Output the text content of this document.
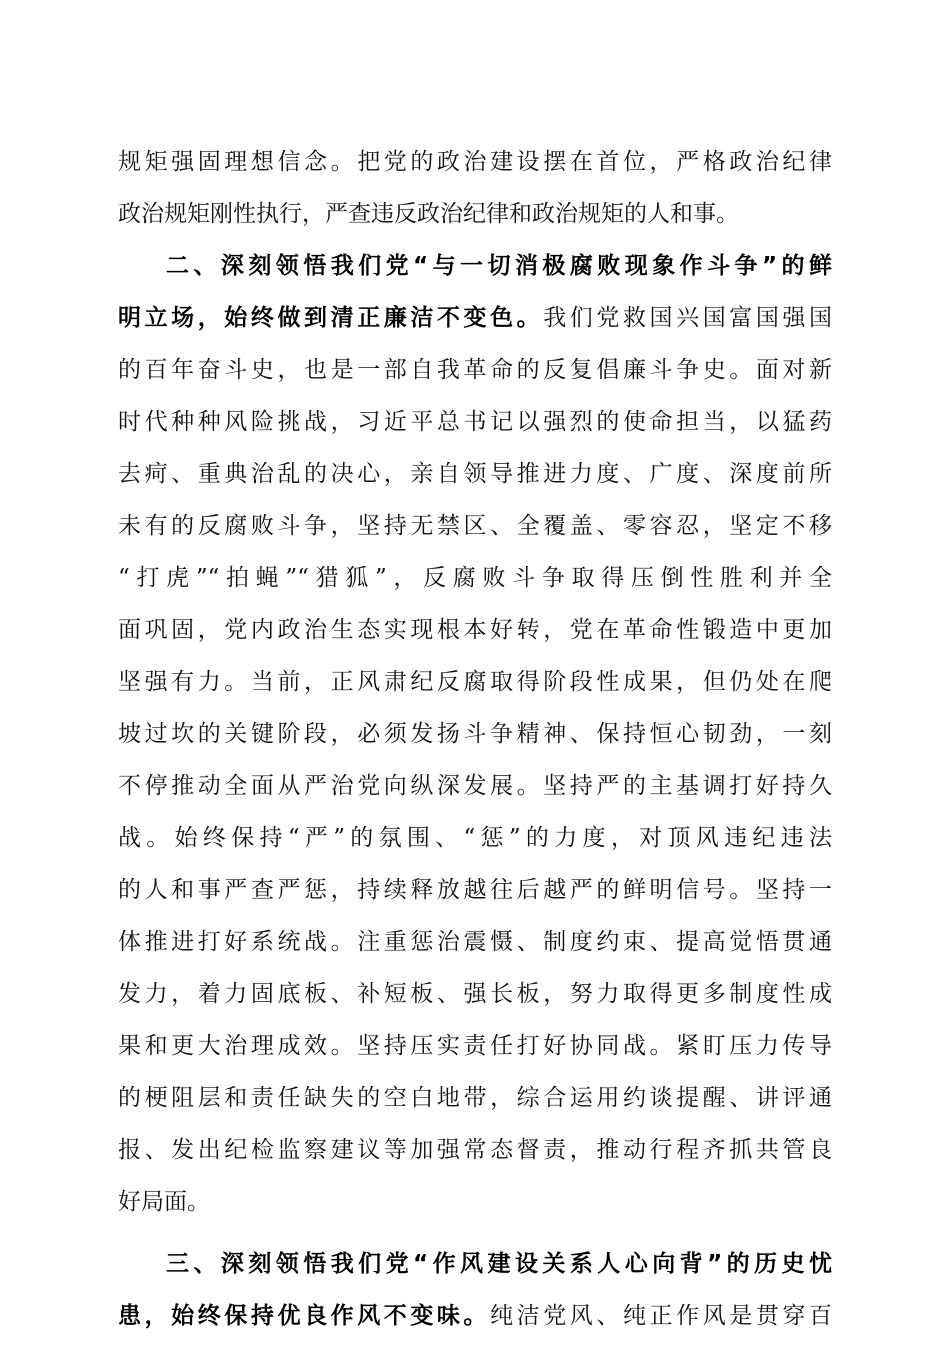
规矩强固理想信念。把党的政治建设摆在首位，严格政治纪律
政治规矩刚性执行，严查违反政治纪律和政治规矩的人和事。
二、深刻领悟我们党“与一切消极腐败现象作斗争”的鲜
明立场，始终做到清正廉洁不变色。我们党救国兴国富国强国
的百年奋斗史，也是一部自我革命的反复倡廉斗争史。面对新
时代种种风险挑战，习近平总书记以强烈的使命担当，以猛药
去疴、重典治乱的决心，亲自领导推进力度、广度、深度前所
未有的反腐败斗争，坚持无禁区、全覆盖、零容忍，坚定不移
“打虎”“拍蝇”“猎狐”，反腐败斗争取得压倒性胜利并全
面巩固，党内政治生态实现根本好转，党在革命性锻造中更加
坚强有力。当前，正风肃纪反腐取得阶段性成果，但仍处在爬
坡过坎的关键阶段，必须发扬斗争精神、保持恒心韧劲，一刻
不停推动全面从严治党向纵深发展。坚持严的主基调打好持久
战。始终保持“严”的氛围、“惩”的力度，对顶风违纪违法
的人和事严查严惩，持续释放越往后越严的鲜明信号。坚持一
体推进打好系统战。注重惩治震慑、制度约束、提高觉悟贯通
发力，着力固底板、补短板、强长板，努力取得更多制度性成
果和更大治理成效。坚持压实责任打好协同战。紧盯压力传导
的梗阻层和责任缺失的空白地带，综合运用约谈提醒、讲评通
报、发出纪检监察建议等加强常态督责，推动行程齐抓共管良
好局面。
三、深刻领悟我们党“作风建设关系人心向背”的历史忧
患，始终保持优良作风不变味。纯洁党风、纯正作风是贯穿百
